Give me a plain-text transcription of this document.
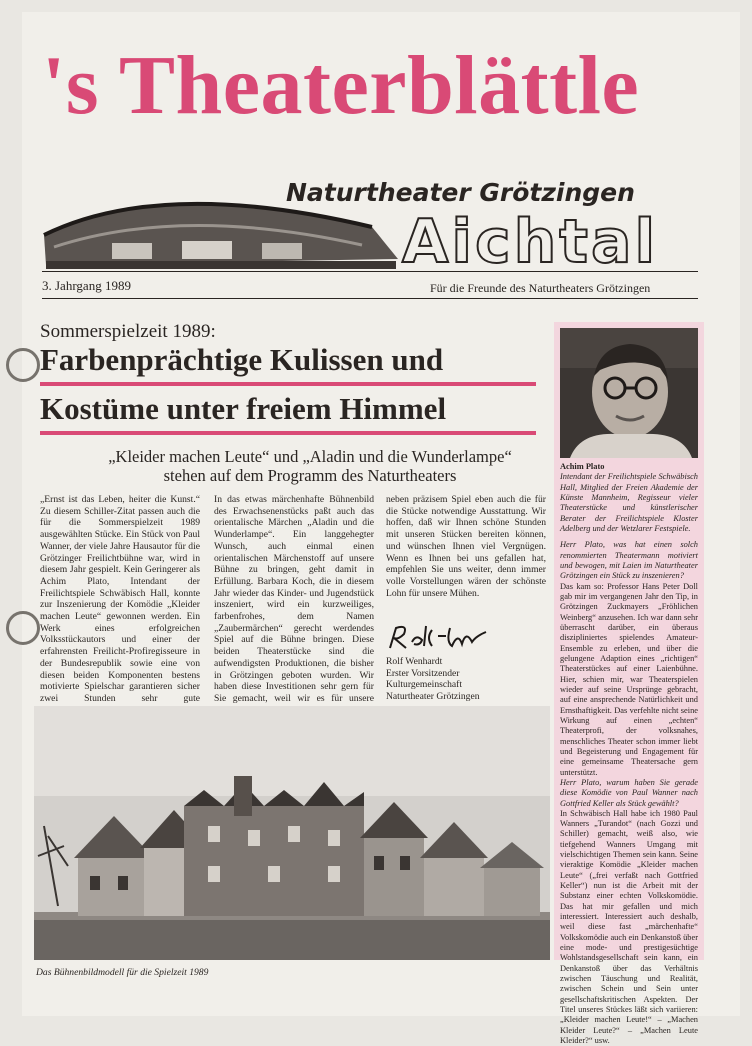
's Theaterblättle
Naturtheater Grötzingen
Aichtal
3. Jahrgang 1989	Für die Freunde des Naturtheaters Grötzingen
Sommerspielzeit 1989:
Farbenprächtige Kulissen und
Kostüme unter freiem Himmel
„Kleider machen Leute“ und „Aladin und die Wunderlampe“
stehen auf dem Programm des Naturtheaters

„Ernst ist das Leben, heiter die Kunst.“ Zu diesem Schiller-Zitat passen auch die für die Sommerspielzeit 1989 ausgewählten Stücke. Ein Stück von Paul Wanner, der viele Jahre Hausautor für die Grötzinger Freilichtbühne war, wird in diesem Jahr gespielt. Kein Geringerer als Achim Plato, Intendant der Freilichtspiele Schwäbisch Hall, konnte zur Inszenierung der Komödie „Kleider machen Leute“ gewonnen werden. Ein Werk eines erfolgreichen Volksstückautors und einer der erfahrensten Freilicht-Profiregisseure in der Bundesrepublik sowie eine von diesen beiden Komponenten bestens motivierte Spielschar garantieren sicher zwei Stunden sehr gute

In das etwas märchenhafte Bühnenbild des Erwachsenenstücks paßt auch das orientalische Märchen „Aladin und die Wunderlampe“. Ein langgehegter Wunsch, auch einmal einen orientalischen Märchenstoff auf unsere Bühne zu bringen, geht damit in Erfüllung. Barbara Koch, die in diesem Jahr wieder das Kinder- und Jugendstück inszeniert, wird ein kurzweiliges, farbenfrohes, dem Namen „Zaubermärchen“ gerecht werdendes Spiel auf die Bühne bringen. Diese beiden Theaterstücke sind die aufwendigsten Produktionen, die bisher in Grötzingen geboten wurden. Wir haben diese Investitionen sehr gern für Sie gemacht, weil wir es für unsere

neben präzisem Spiel eben auch die für die Stücke notwendige Ausstattung. Wir hoffen, daß wir Ihnen schöne Stunden mit unseren Stücken bereiten können, und wünschen Ihnen viel Vergnügen. Wenn es Ihnen bei uns gefallen hat, empfehlen Sie uns weiter, denn immer volle Vorstellungen wären der schönste Lohn für unsere Mühen.

Rolf Wenhardt
Erster Vorsitzender
Kulturgemeinschaft
Naturtheater Grötzingen

Achim Plato

Intendant der Freilichtspiele Schwäbisch Hall, Mitglied der Freien Akademie der Künste Mannheim, Regisseur vieler Theaterstücke und künstlerischer Berater der Freilichtspiele Kloster Adelberg und der Wetzlarer Festspiele.

Herr Plato, was hat einen solch renommierten Theatermann motiviert und bewogen, mit Laien im Naturtheater Grötzingen ein Stück zu inszenieren?

Das kam so: Professor Hans Peter Doll gab mir im vergangenen Jahr den Tip, in Grötzingen Zuckmayers „Fröhlichen Weinberg“ anzusehen. Ich war dann sehr überrascht darüber, ein überaus diszipliniertes spielendes Amateur-Ensemble zu erleben, und über die gelungene Adaption eines „richtigen“ Theaterstückes auf einer Laienbühne. Hier, schien mir, war Theaterspielen wieder auf seine Ursprünge gebracht, auf eine ansprechende Natürlichkeit und Ernsthaftigkeit. Das verfehlte nicht seine Wirkung auf einen „echten“ Theaterprofi, der volksnahes, menschliches Theater schon immer liebt und Begeisterung und Engagement für eine gemeinsame Theatersache gern unterstützt.

Herr Plato, warum haben Sie gerade diese Komödie von Paul Wanner nach Gottfried Keller als Stück gewählt?

In Schwäbisch Hall habe ich 1980 Paul Wanners „Turandot“ (nach Gozzi und Schiller) gemacht, weiß also, wie tiefgehend Wanners Umgang mit vielschichtigen Themen sein kann. Seine vieraktige Komödie „Kleider machen Leute“ („frei verfaßt nach Gottfried Keller“) nun ist die Arbeit mit der Substanz einer echten Volkskomödie. Das hat mir gefallen und mich interessiert. Interessiert auch deshalb, weil diese fast „märchenhafte“ Volkskomödie auch ein Denkanstoß über eine mode- und prestigesüchtige Wohlstandsgesellschaft sein kann, ein Denkanstoß über das Verhältnis zwischen Täuschung und Realität, zwischen Schein und Sein unter gesellschaftskritischen Aspekten. Der Titel unseres Stückes läßt sich variieren: „Kleider machen Leute!“ – „Machen Kleider Leute?“ – „Machen Leute Kleider?“ usw.

Das Bühnenbildmodell für die Spielzeit 1989
